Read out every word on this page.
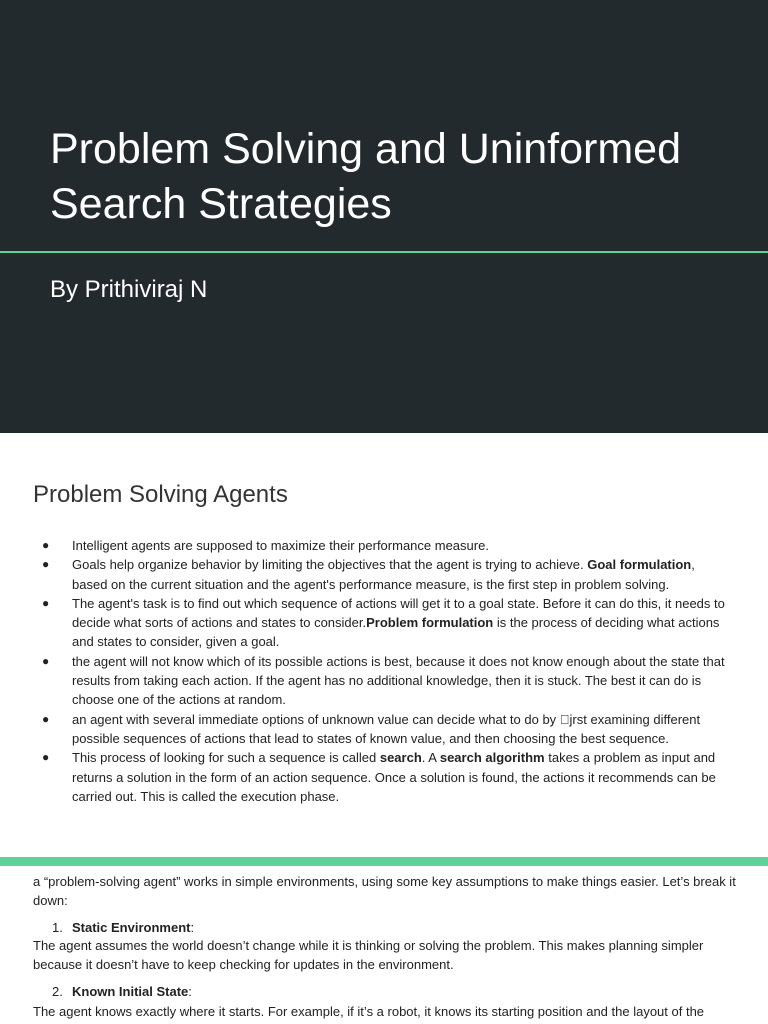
Problem Solving and Uninformed Search Strategies
By Prithiviraj N
Problem Solving Agents
● Intelligent agents are supposed to maximize their performance measure.
● Goals help organize behavior by limiting the objectives that the agent is trying to achieve. Goal formulation, based on the current situation and the agent's performance measure, is the first step in problem solving.
● The agent's task is to find out which sequence of actions will get it to a goal state. Before it can do this, it needs to decide what sorts of actions and states to consider.Problem formulation is the process of deciding what actions and states to consider, given a goal.
● the agent will not know which of its possible actions is best, because it does not know enough about the state that results from taking each action. If the agent has no additional knowledge, then it is stuck. The best it can do is choose one of the actions at random.
● an agent with several immediate options of unknown value can decide what to do by  jrst examining different possible sequences of actions that lead to states of known value, and then choosing the best sequence.
● This process of looking for such a sequence is called search. A search algorithm takes a problem as input and returns a solution in the form of an action sequence. Once a solution is found, the actions it recommends can be carried out. This is called the execution phase.

a “problem-solving agent” works in simple environments, using some key assumptions to make things easier. Let’s break it down:

1. Static Environment:

The agent assumes the world doesn’t change while it is thinking or solving the problem. This makes planning simpler because it doesn’t have to keep checking for updates in the environment.

2. Known Initial State:

The agent knows exactly where it starts. For example, if it’s a robot, it knows its starting position and the layout of the
